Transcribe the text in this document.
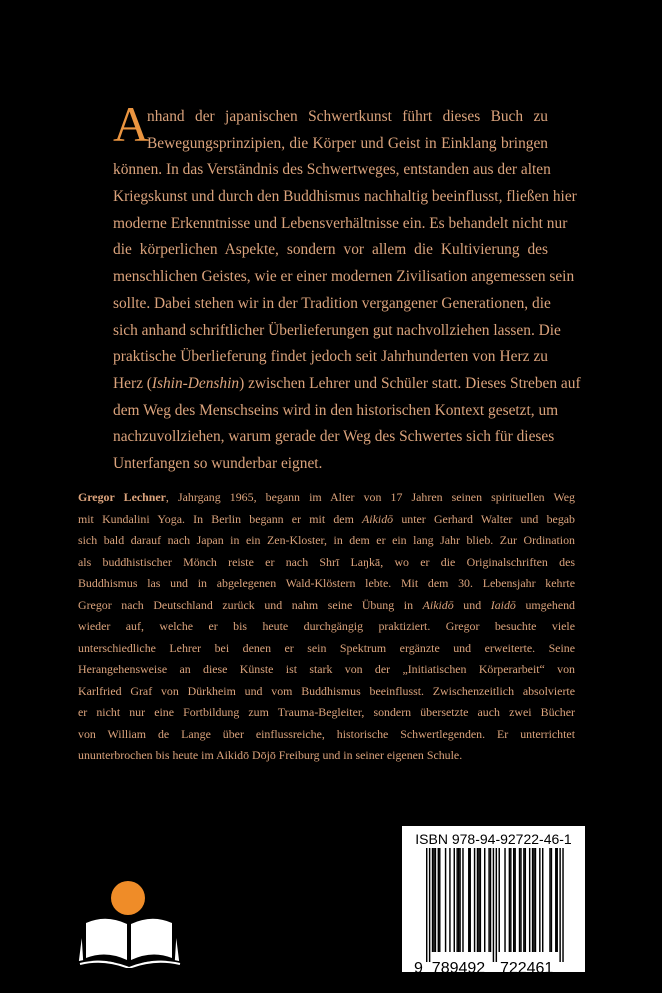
A
nhand der japanischen Schwertkunst führt dieses Buch zu
Bewegungsprinzipien, die Körper und Geist in Einklang bringen
können. In das Verständnis des Schwertweges, entstanden aus der alten
Kriegskunst und durch den Buddhismus nachhaltig beeinflusst, fließen hier
moderne Erkenntnisse und Lebensverhältnisse ein. Es behandelt nicht nur
die körperlichen Aspekte, sondern vor allem die Kultivierung des
menschlichen Geistes, wie er einer modernen Zivilisation angemessen sein
sollte. Dabei stehen wir in der Tradition vergangener Generationen, die
sich anhand schriftlicher Überlieferungen gut nachvollziehen lassen. Die
praktische Überlieferung findet jedoch seit Jahrhunderten von Herz zu
Herz (Ishin-Denshin) zwischen Lehrer und Schüler statt. Dieses Streben auf
dem Weg des Menschseins wird in den historischen Kontext gesetzt, um
nachzuvollziehen, warum gerade der Weg des Schwertes sich für dieses
Unterfangen so wunderbar eignet.
Gregor Lechner, Jahrgang 1965, begann im Alter von 17 Jahren seinen spirituellen Weg
mit Kundalini Yoga. In Berlin begann er mit dem Aikidō unter Gerhard Walter und begab
sich bald darauf nach Japan in ein Zen-Kloster, in dem er ein lang Jahr blieb. Zur Ordination
als buddhistischer Mönch reiste er nach Shrī Laŋkā, wo er die Originalschriften des
Buddhismus las und in abgelegenen Wald-Klöstern lebte. Mit dem 30. Lebensjahr kehrte
Gregor nach Deutschland zurück und nahm seine Übung in Aikidō und Iaidō umgehend
wieder auf, welche er bis heute durchgängig praktiziert. Gregor besuchte viele
unterschiedliche Lehrer bei denen er sein Spektrum ergänzte und erweiterte. Seine
Herangehensweise an diese Künste ist stark von der „Initiatischen Körperarbeit“ von
Karlfried Graf von Dürkheim und vom Buddhismus beeinflusst. Zwischenzeitlich absolvierte
er nicht nur eine Fortbildung zum Trauma-Begleiter, sondern übersetzte auch zwei Bücher
von William de Lange über einflussreiche, historische Schwertlegenden. Er unterrichtet
ununterbrochen bis heute im Aikidō Dōjō Freiburg und in seiner eigenen Schule.
ISBN 978-94-92722-46-1
9 789492 722461
